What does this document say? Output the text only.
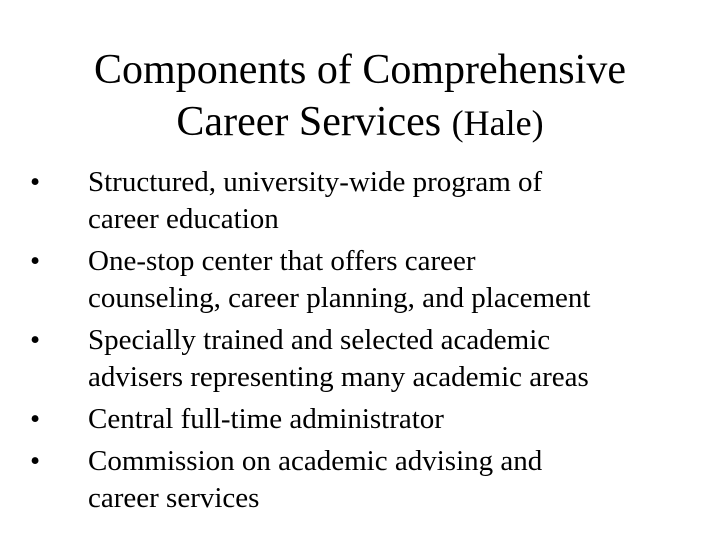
Components of Comprehensive
Career Services (Hale)
•	Structured, university-wide program of
career education
•	One-stop center that offers career
counseling, career planning, and placement
•	Specially trained and selected academic
advisers representing many academic areas
•	Central full-time administrator
•	Commission on academic advising and
career services
